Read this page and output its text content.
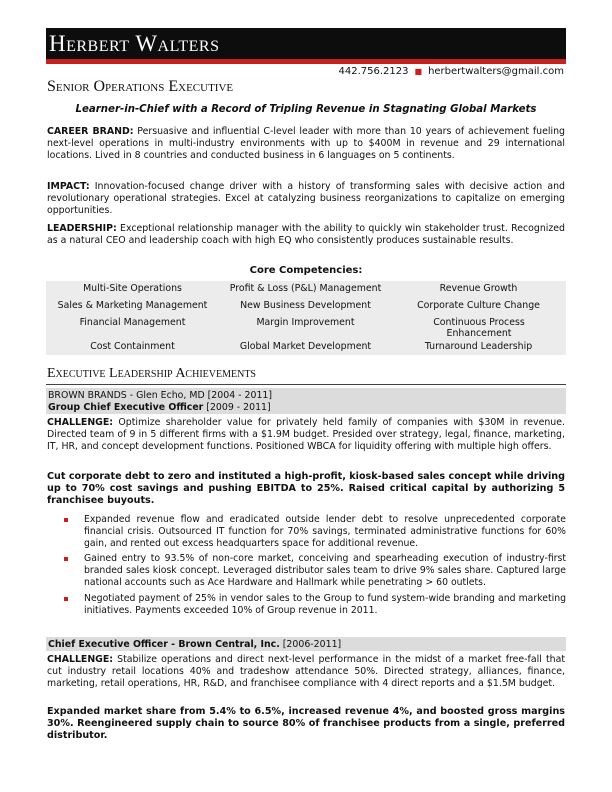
Herbert Walters
442.756.2123 ■ herbertwalters@gmail.com
Senior Operations Executive
Learner-in-Chief with a Record of Tripling Revenue in Stagnating Global Markets

CAREER BRAND: Persuasive and influential C-level leader with more than 10 years of achievement fueling next-level operations in multi-industry environments with up to $400M in revenue and 29 international locations. Lived in 8 countries and conducted business in 6 languages on 5 continents.

IMPACT: Innovation-focused change driver with a history of transforming sales with decisive action and revolutionary operational strategies. Excel at catalyzing business reorganizations to capitalize on emerging opportunities.

LEADERSHIP: Exceptional relationship manager with the ability to quickly win stakeholder trust. Recognized as a natural CEO and leadership coach with high EQ who consistently produces sustainable results.

Core Competencies:
Multi-Site Operations	Profit & Loss (P&L) Management	Revenue Growth
Sales & Marketing Management	New Business Development	Corporate Culture Change
Financial Management	Margin Improvement	Continuous Process Enhancement
Cost Containment	Global Market Development	Turnaround Leadership
Executive Leadership Achievements
BROWN BRANDS - Glen Echo, MD [2004 - 2011]
Group Chief Executive Officer [2009 - 2011]

CHALLENGE: Optimize shareholder value for privately held family of companies with $30M in revenue. Directed team of 9 in 5 different firms with a $1.9M budget. Presided over strategy, legal, finance, marketing, IT, HR, and concept development functions. Positioned WBCA for liquidity offering with multiple high offers.

Cut corporate debt to zero and instituted a high-profit, kiosk-based sales concept while driving up to 70% cost savings and pushing EBITDA to 25%. Raised critical capital by authorizing 5 franchisee buyouts.

Expanded revenue flow and eradicated outside lender debt to resolve unprecedented corporate financial crisis. Outsourced IT function for 70% savings, terminated administrative functions for 60% gain, and rented out excess headquarters space for additional revenue.
Gained entry to 93.5% of non-core market, conceiving and spearheading execution of industry-first branded sales kiosk concept. Leveraged distributor sales team to drive 9% sales share. Captured large national accounts such as Ace Hardware and Hallmark while penetrating > 60 outlets.
Negotiated payment of 25% in vendor sales to the Group to fund system-wide branding and marketing initiatives. Payments exceeded 10% of Group revenue in 2011.
Chief Executive Officer - Brown Central, Inc. [2006-2011]

CHALLENGE: Stabilize operations and direct next-level performance in the midst of a market free-fall that cut industry retail locations 40% and tradeshow attendance 50%. Directed strategy, alliances, finance, marketing, retail operations, HR, R&D, and franchisee compliance with 4 direct reports and a $1.5M budget.

Expanded market share from 5.4% to 6.5%, increased revenue 4%, and boosted gross margins 30%. Reengineered supply chain to source 80% of franchisee products from a single, preferred distributor.
